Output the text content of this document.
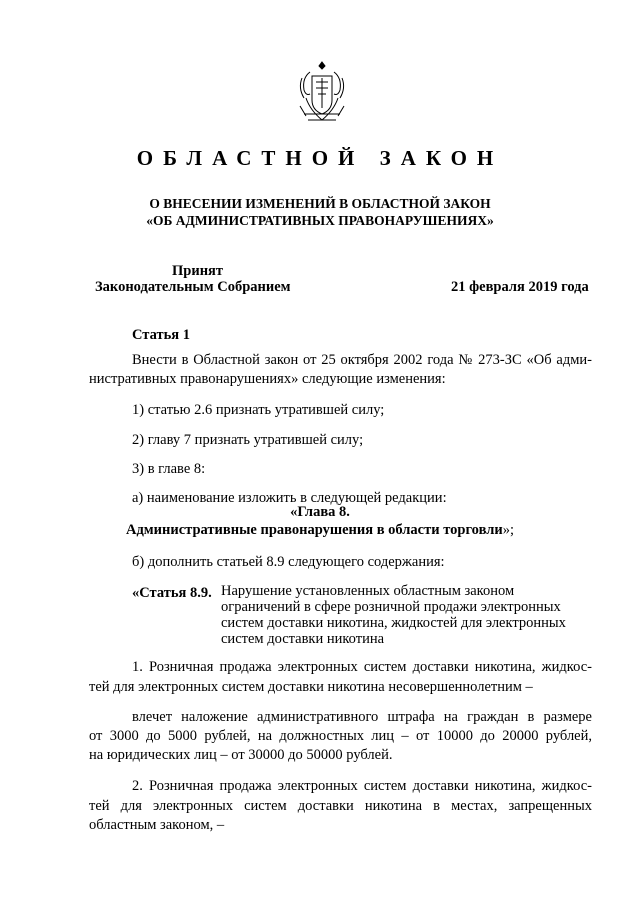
ОБЛАСТНОЙ ЗАКОН
О ВНЕСЕНИИ ИЗМЕНЕНИЙ В ОБЛАСТНОЙ ЗАКОН
«ОБ АДМИНИСТРАТИВНЫХ ПРАВОНАРУШЕНИЯХ»
Принят
Законодательным Собранием	21 февраля 2019 года
Статья 1
Внести в Областной закон от 25 октября 2002 года № 273-ЗС «Об адми-
нистративных правонарушениях» следующие изменения:
1) статью 2.6 признать утратившей силу;
2) главу 7 признать утратившей силу;
3) в главе 8:
а) наименование изложить в следующей редакции:
«Глава 8.
Административные правонарушения в области торговли»;
б) дополнить статьей 8.9 следующего содержания:
«Статья 8.9. Нарушение установленных областным законом
ограничений в сфере розничной продажи электронных
систем доставки никотина, жидкостей для электронных
систем доставки никотина
1. Розничная продажа электронных систем доставки никотина, жидкос-
тей для электронных систем доставки никотина несовершеннолетним –
влечет наложение административного штрафа на граждан в размере
от 3000 до 5000 рублей, на должностных лиц – от 10000 до 20000 рублей,
на юридических лиц – от 30000 до 50000 рублей.
2. Розничная продажа электронных систем доставки никотина, жидкос-
тей для электронных систем доставки никотина в местах, запрещенных
областным законом, –
